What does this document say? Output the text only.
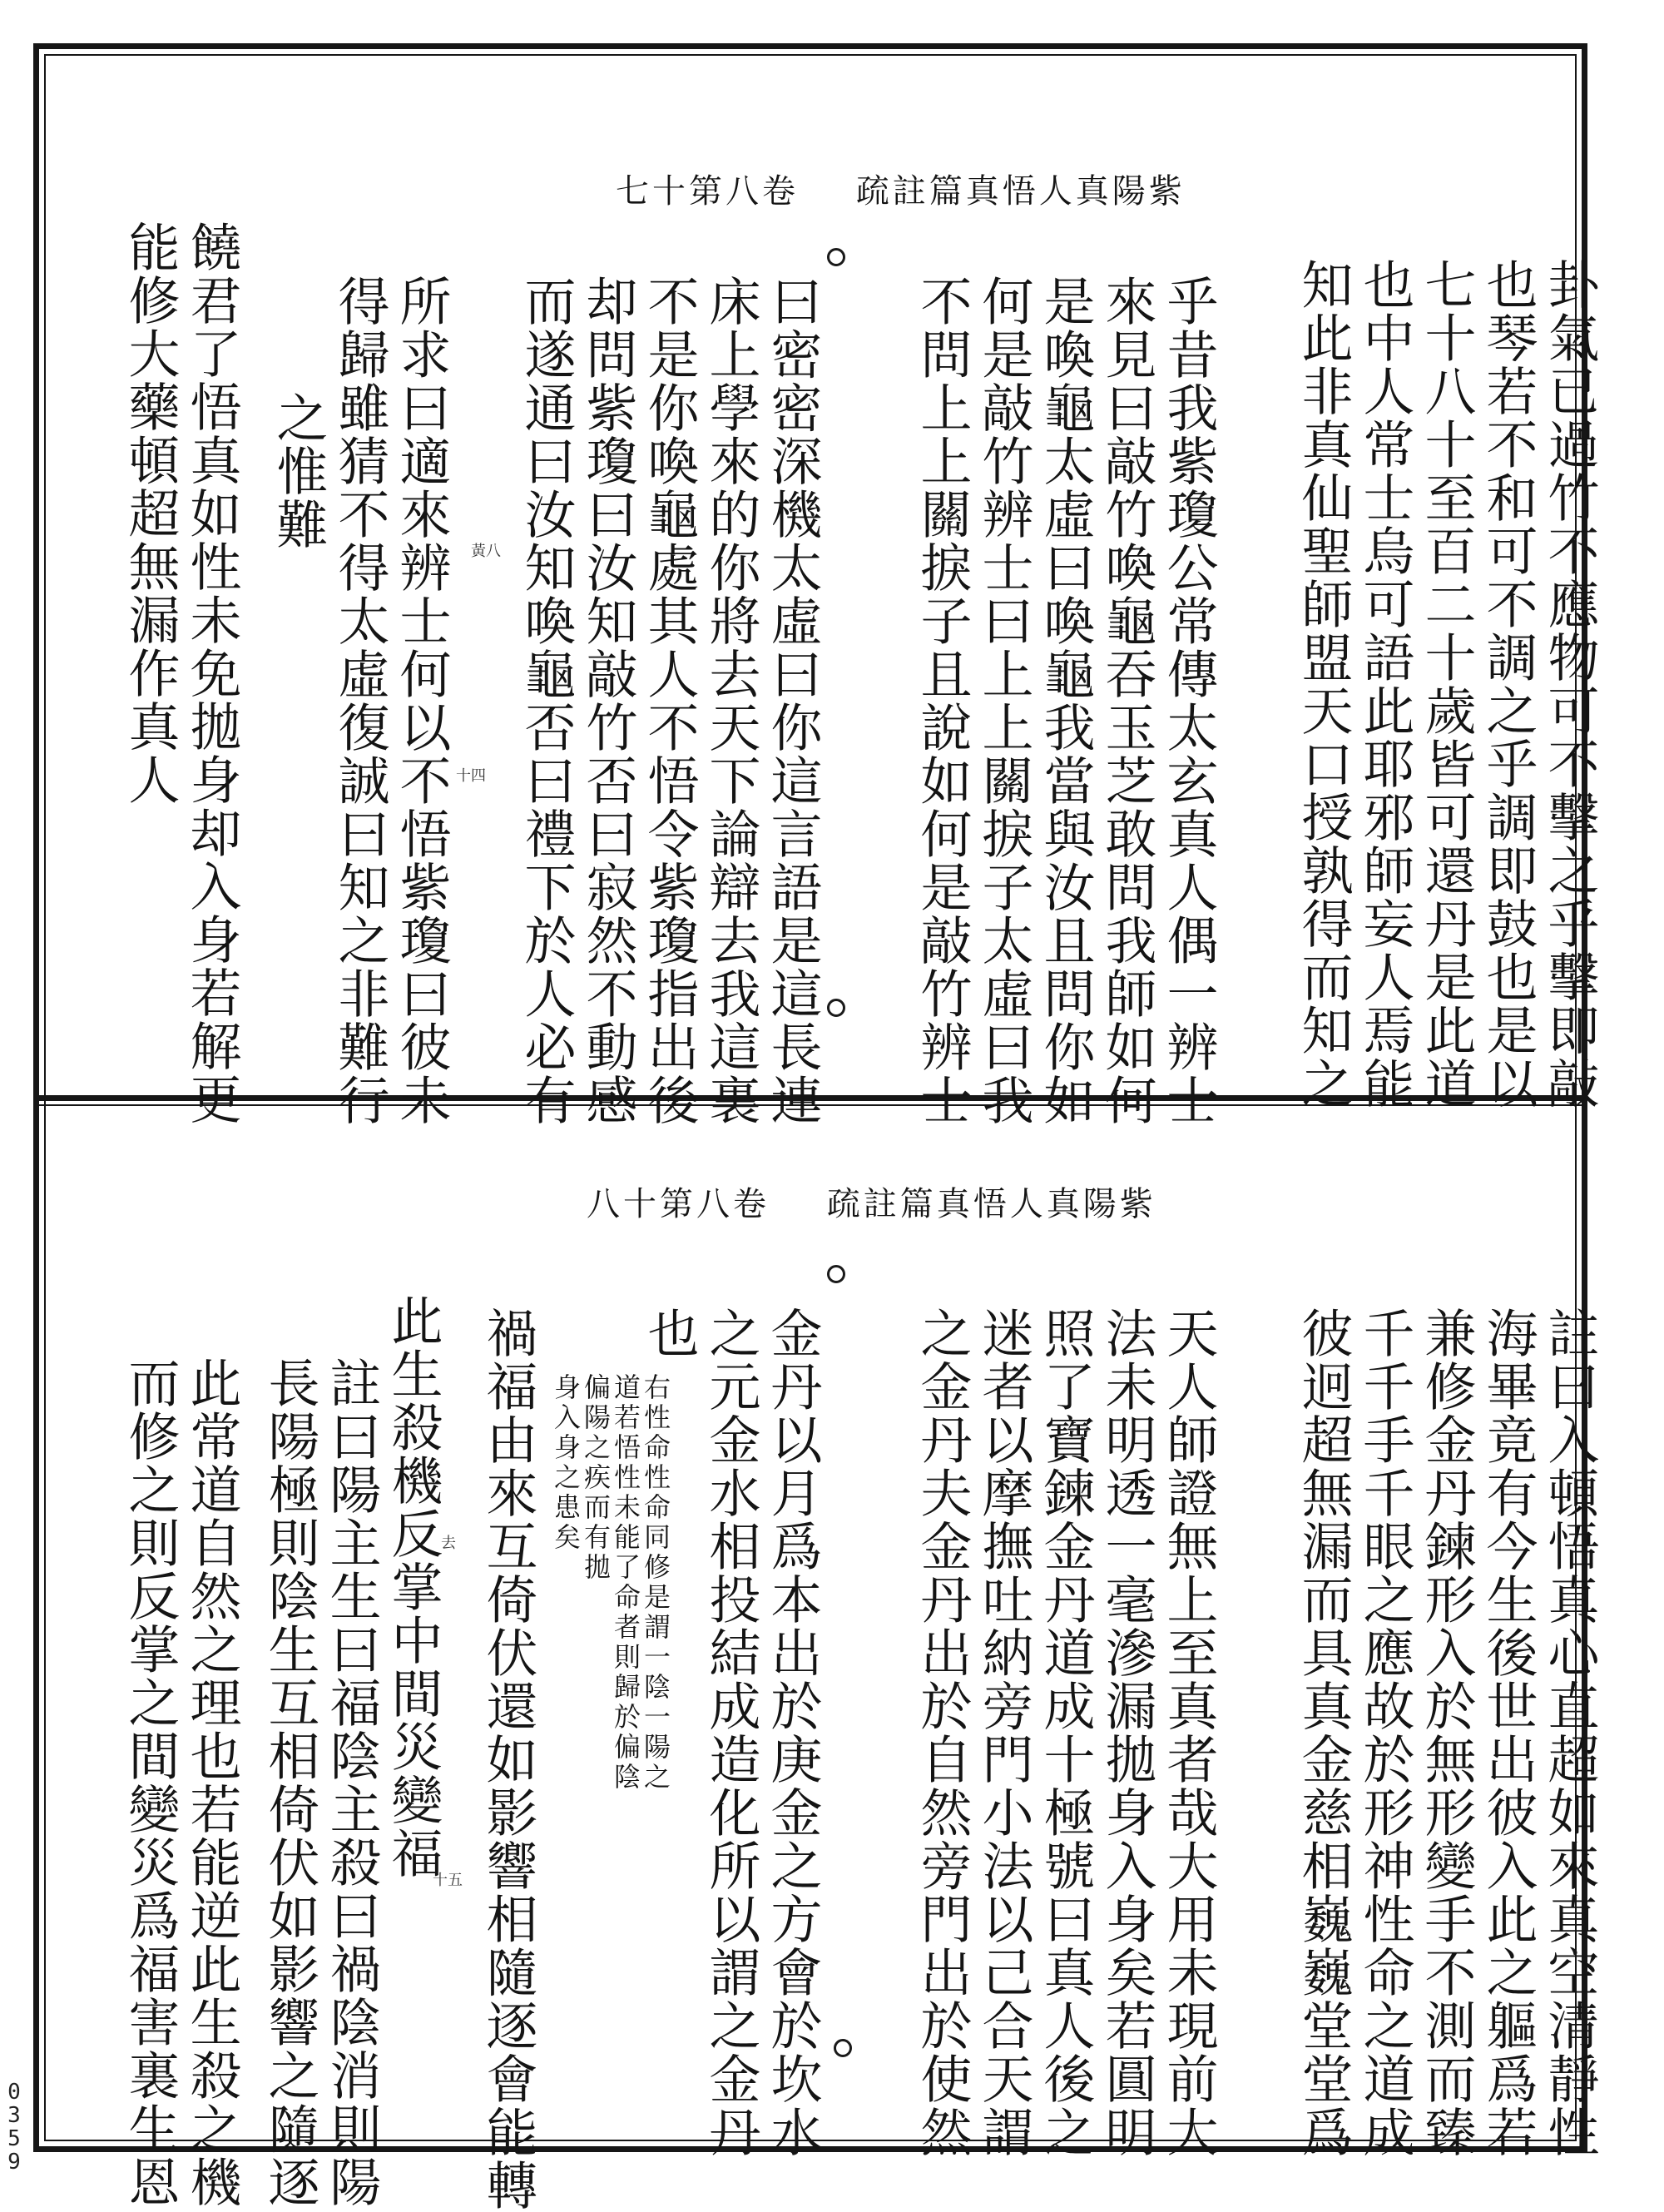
0359
七十第八卷 疏註篇真悟人真陽紫
卦氣已過竹不應物可不擊之乎擊即敲
也琴若不和可不調之乎調即鼓也是以
七十八十至百二十歲皆可還丹是此道
也中人常士烏可語此耶邪師妄人焉能
知此非真仙聖師盟天口授孰得而知之
乎昔我紫瓊公常傳太玄真人偶一辨士
來見曰敲竹喚龜吞玉芝敢問我師如何
是喚龜太虛曰喚龜我當與汝且問你如
何是敲竹辨士曰上上關捩子太虛曰我
不問上上關捩子且說如何是敲竹辨士
曰密密深機太虛曰你這言語是這長連
床上學來的你將去天下論辯去我這裏
不是你喚龜處其人不悟令紫瓊指出後
却問紫瓊曰汝知敲竹否曰寂然不動感
而遂通曰汝知喚龜否曰禮下於人必有
所求曰適來辨士何以不悟紫瓊曰彼未
得歸雖猜不得太虛復誠曰知之非難行
之惟難
饒君了悟真如性未免拋身却入身若解更
能修大藥頓超無漏作真人	黃八
十四
八十第八卷 疏註篇真悟人真陽紫
註曰入頓悟真心直超如來真空清靜性
海畢竟有今生後世出彼入此之軀爲若
兼修金丹鍊形入於無形變手不測而臻
千千手千眼之應故於形神性命之道成
彼迥超無漏而具真金慈相巍巍堂堂爲
天人師證無上至真者哉大用未現前大
法未明透一毫滲漏拋身入身矣若圓明
照了寶鍊金丹道成十極號曰真人後之
迷者以摩撫吐納旁門小法以己合天謂
之金丹夫金丹出於自然旁門出於使然
金丹以月爲本出於庚金之方會於坎水
之元金水相投結成造化所以謂之金丹
也
右性命性命同修是謂一陰一陽之
道若悟性未能了命者則歸於偏陰
偏陽之疾而有拋
身入身之患矣
禍福由來互倚伏還如影響相隨逐會能轉
此生殺機反掌中間災變福
註曰陽主生曰福陰主殺曰禍陰消則陽
長陽極則陰生互相倚伏如影響之隨逐
此常道自然之理也若能逆此生殺之機
而修之則反掌之間變災爲福害裏生恩	去
十五
